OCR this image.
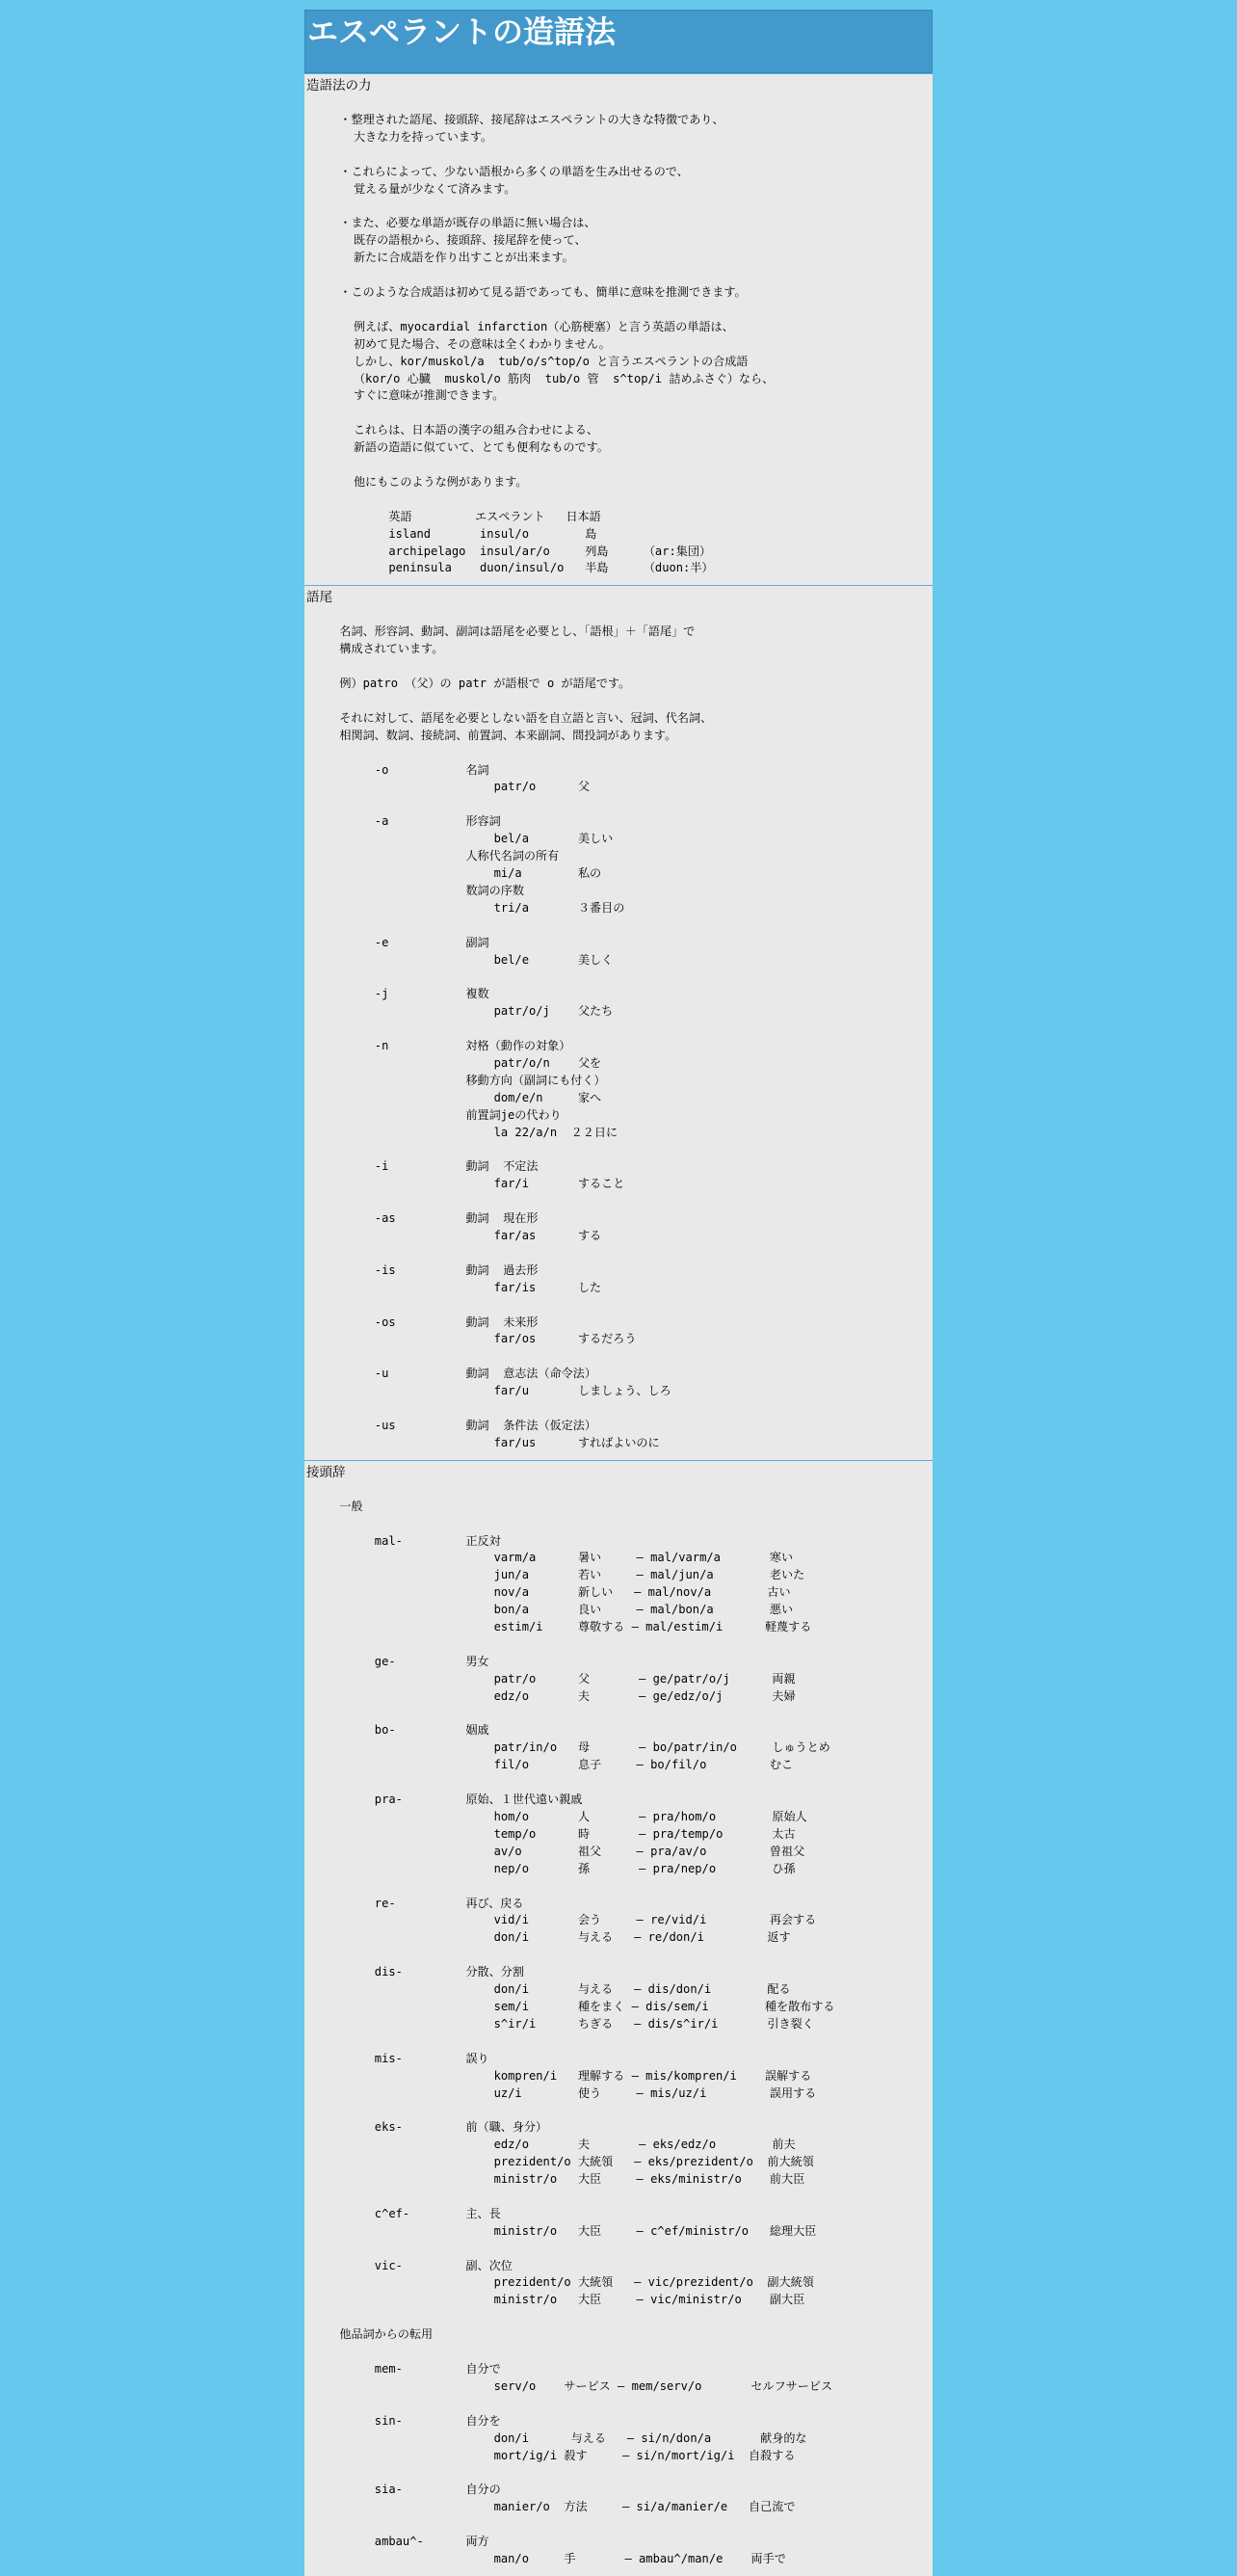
エスペラントの造語法
造語法の力

・整理された語尾、接頭辞、接尾辞はエスペラントの大きな特徴であり、
大きな力を持っています。

・これらによって、少ない語根から多くの単語を生み出せるので、
覚える量が少なくて済みます。

・また、必要な単語が既存の単語に無い場合は、
既存の語根から、接頭辞、接尾辞を使って、
新たに合成語を作り出すことが出来ます。

・このような合成語は初めて見る語であっても、簡単に意味を推測できます。

例えば、myocardial infarction（心筋梗塞）と言う英語の単語は、
初めて見た場合、その意味は全くわかりません。
しかし、kor/muskol/a  tub/o/s^top/o と言うエスペラントの合成語
（kor/o 心臓  muskol/o 筋肉  tub/o 管  s^top/i 詰めふさぐ）なら、
すぐに意味が推測できます。

これらは、日本語の漢字の組み合わせによる、
新語の造語に似ていて、とても便利なものです。

他にもこのような例があります。

英語         エスペラント   日本語
island       insul/o        島
archipelago  insul/ar/o     列島     （ar:集団）
peninsula    duon/insul/o   半島     （duon:半）
語尾

名詞、形容詞、動詞、副詞は語尾を必要とし、「語根」＋「語尾」で
構成されています。

例）patro （父）の patr が語根で o が語尾です。

それに対して、語尾を必要としない語を自立語と言い、冠詞、代名詞、
相関詞、数詞、接続詞、前置詞、本来副詞、間投詞があります。

-o           名詞
patr/o      父

-a           形容詞
bel/a       美しい
人称代名詞の所有
mi/a        私の
数詞の序数
tri/a       ３番目の

-e           副詞
bel/e       美しく

-j           複数
patr/o/j    父たち

-n           対格（動作の対象）
patr/o/n    父を
移動方向（副詞にも付く）
dom/e/n     家へ
前置詞jeの代わり
la 22/a/n  ２２日に

-i           動詞  不定法
far/i       すること

-as          動詞  現在形
far/as      する

-is          動詞  過去形
far/is      した

-os          動詞  未来形
far/os      するだろう

-u           動詞  意志法（命令法）
far/u       しましょう、しろ

-us          動詞  条件法（仮定法）
far/us      すればよいのに
接頭辞

一般

mal-         正反対
varm/a      暑い     ― mal/varm/a       寒い
jun/a       若い     ― mal/jun/a        老いた
nov/a       新しい   ― mal/nov/a        古い
bon/a       良い     ― mal/bon/a        悪い
estim/i     尊敬する ― mal/estim/i      軽蔑する

ge-          男女
patr/o      父       ― ge/patr/o/j      両親
edz/o       夫       ― ge/edz/o/j       夫婦

bo-          姻戚
patr/in/o   母       ― bo/patr/in/o     しゅうとめ
fil/o       息子     ― bo/fil/o         むこ

pra-         原始、１世代遠い親戚
hom/o       人       ― pra/hom/o        原始人
temp/o      時       ― pra/temp/o       太古
av/o        祖父     ― pra/av/o         曽祖父
nep/o       孫       ― pra/nep/o        ひ孫

re-          再び、戻る
vid/i       会う     ― re/vid/i         再会する
don/i       与える   ― re/don/i         返す

dis-         分散、分割
don/i       与える   ― dis/don/i        配る
sem/i       種をまく ― dis/sem/i        種を散布する
s^ir/i      ちぎる   ― dis/s^ir/i       引き裂く

mis-         誤り
kompren/i   理解する ― mis/kompren/i    誤解する
uz/i        使う     ― mis/uz/i         誤用する

eks-         前（職、身分）
edz/o       夫       ― eks/edz/o        前夫
prezident/o 大統領   ― eks/prezident/o  前大統領
ministr/o   大臣     ― eks/ministr/o    前大臣

c^ef-        主、長
ministr/o   大臣     ― c^ef/ministr/o   総理大臣

vic-         副、次位
prezident/o 大統領   ― vic/prezident/o  副大統領
ministr/o   大臣     ― vic/ministr/o    副大臣

他品詞からの転用

mem-         自分で
serv/o    サービス ― mem/serv/o       セルフサービス

sin-         自分を
don/i      与える   ― si/n/don/a       献身的な
mort/ig/i 殺す     ― si/n/mort/ig/i  自殺する

sia-         自分の
manier/o  方法     ― si/a/manier/e   自己流で

ambau^-      両方
man/o     手       ― ambau^/man/e    両手で
